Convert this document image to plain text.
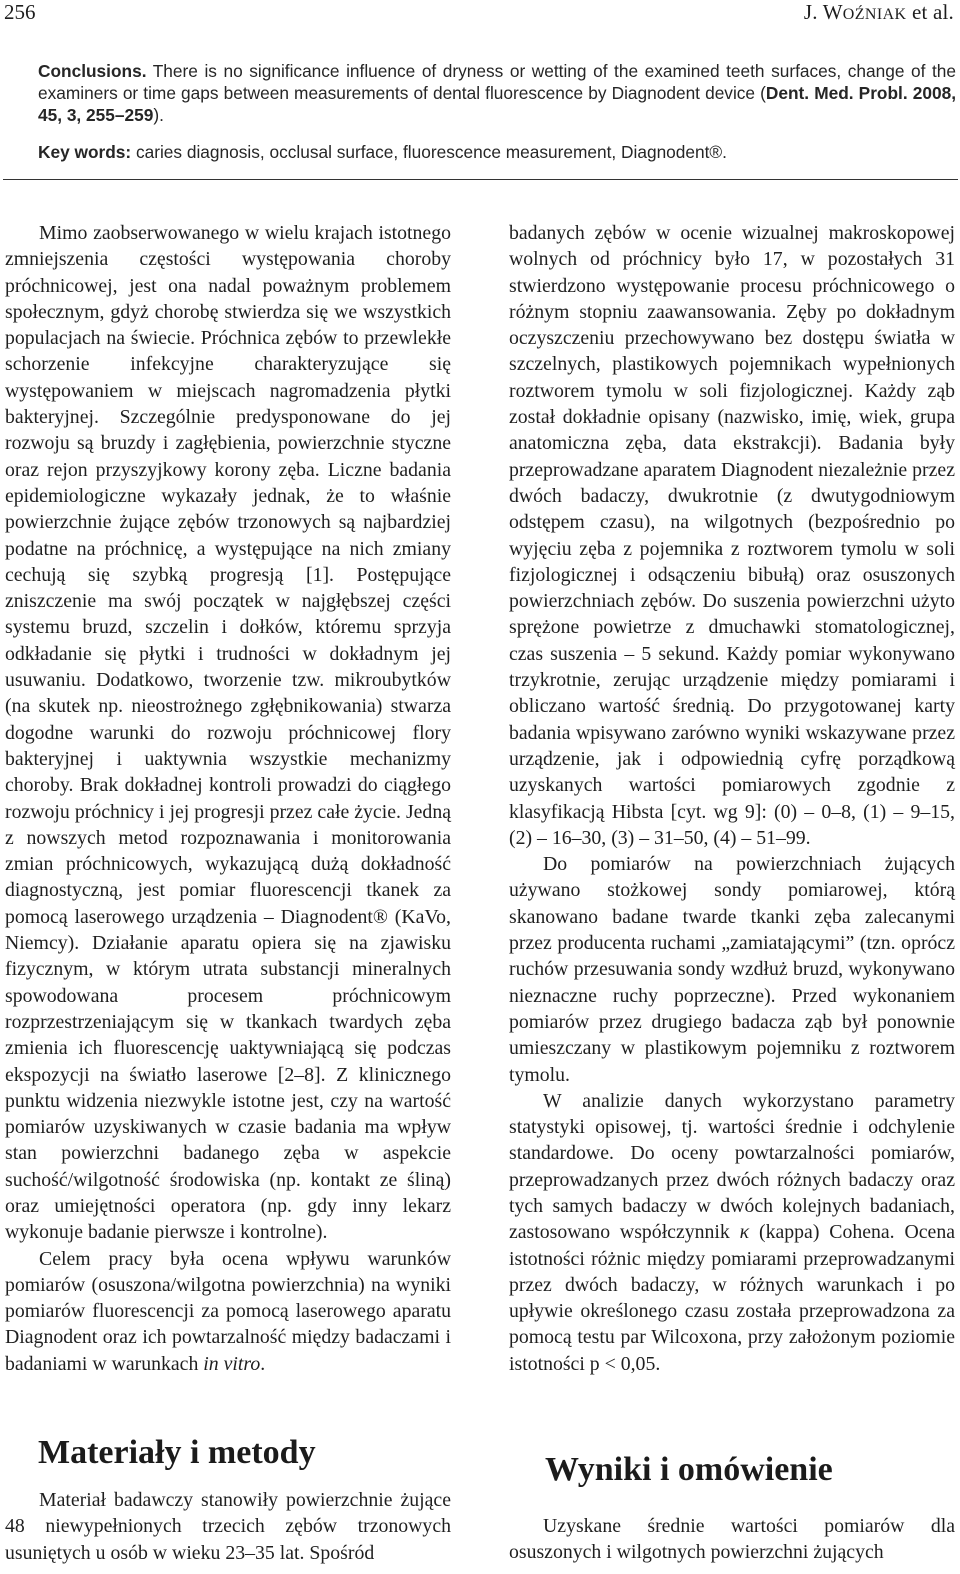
256	J. WOŹNIAK et al.
Conclusions. There is no significance influence of dryness or wetting of the examined teeth surfaces, change of the examiners or time gaps between measurements of dental fluorescence by Diagnodent device (Dent. Med. Probl. 2008, 45, 3, 255–259).
Key words: caries diagnosis, occlusal surface, fluorescence measurement, Diagnodent®.

Mimo zaobserwowanego w wielu krajach istotnego zmniejszenia częstości występowania choroby próchnicowej, jest ona nadal poważnym problemem społecznym, gdyż chorobę stwierdza się we wszystkich populacjach na świecie. Próchnica zębów to przewlekłe schorzenie infekcyjne charakteryzujące się występowaniem w miejscach nagromadzenia płytki bakteryjnej. Szczególnie predysponowane do jej rozwoju są bruzdy i zagłębienia, powierzchnie styczne oraz rejon przyszyjkowy korony zęba. Liczne badania epidemiologiczne wykazały jednak, że to właśnie powierzchnie żujące zębów trzonowych są najbardziej podatne na próchnicę, a występujące na nich zmiany cechują się szybką progresją [1]. Postępujące zniszczenie ma swój początek w najgłębszej części systemu bruzd, szczelin i dołków, któremu sprzyja odkładanie się płytki i trudności w dokładnym jej usuwaniu. Dodatkowo, tworzenie tzw. mikroubytków (na skutek np. nieostrożnego zgłębnikowania) stwarza dogodne warunki do rozwoju próchnicowej flory bakteryjnej i uaktywnia wszystkie mechanizmy choroby. Brak dokładnej kontroli prowadzi do ciągłego rozwoju próchnicy i jej progresji przez całe życie. Jedną z nowszych metod rozpoznawania i monitorowania zmian próchnicowych, wykazującą dużą dokładność diagnostyczną, jest pomiar fluorescencji tkanek za pomocą laserowego urządzenia – Diagnodent® (KaVo, Niemcy). Działanie aparatu opiera się na zjawisku fizycznym, w którym utrata substancji mineralnych spowodowana procesem próchnicowym rozprzestrzeniającym się w tkankach twardych zęba zmienia ich fluorescencję uaktywniającą się podczas ekspozycji na światło laserowe [2–8]. Z klinicznego punktu widzenia niezwykle istotne jest, czy na wartość pomiarów uzyskiwanych w czasie badania ma wpływ stan powierzchni badanego zęba w aspekcie suchość/wilgotność środowiska (np. kontakt ze śliną) oraz umiejętności operatora (np. gdy inny lekarz wykonuje badanie pierwsze i kontrolne).

Celem pracy była ocena wpływu warunków pomiarów (osuszona/wilgotna powierzchnia) na wyniki pomiarów fluorescencji za pomocą laserowego aparatu Diagnodent oraz ich powtarzalność między badaczami i badaniami w warunkach in vitro.

Materiały i metody

Materiał badawczy stanowiły powierzchnie żujące 48 niewypełnionych trzecich zębów trzonowych usuniętych u osób w wieku 23–35 lat. Spośród

badanych zębów w ocenie wizualnej makroskopowej wolnych od próchnicy było 17, w pozostałych 31 stwierdzono występowanie procesu próchnicowego o różnym stopniu zaawansowania. Zęby po dokładnym oczyszczeniu przechowywano bez dostępu światła w szczelnych, plastikowych pojemnikach wypełnionych roztworem tymolu w soli fizjologicznej. Każdy ząb został dokładnie opisany (nazwisko, imię, wiek, grupa anatomiczna zęba, data ekstrakcji). Badania były przeprowadzane aparatem Diagnodent niezależnie przez dwóch badaczy, dwukrotnie (z dwutygodniowym odstępem czasu), na wilgotnych (bezpośrednio po wyjęciu zęba z pojemnika z roztworem tymolu w soli fizjologicznej i odsączeniu bibułą) oraz osuszonych powierzchniach zębów. Do suszenia powierzchni użyto sprężone powietrze z dmuchawki stomatologicznej, czas suszenia – 5 sekund. Każdy pomiar wykonywano trzykrotnie, zerując urządzenie między pomiarami i obliczano wartość średnią. Do przygotowanej karty badania wpisywano zarówno wyniki wskazywane przez urządzenie, jak i odpowiednią cyfrę porządkową uzyskanych wartości pomiarowych zgodnie z klasyfikacją Hibsta [cyt. wg 9]: (0) – 0–8, (1) – 9–15, (2) – 16–30, (3) – 31–50, (4) – 51–99.

Do pomiarów na powierzchniach żujących używano stożkowej sondy pomiarowej, którą skanowano badane twarde tkanki zęba zalecanymi przez producenta ruchami „zamiatającymi” (tzn. oprócz ruchów przesuwania sondy wzdłuż bruzd, wykonywano nieznaczne ruchy poprzeczne). Przed wykonaniem pomiarów przez drugiego badacza ząb był ponownie umieszczany w plastikowym pojemniku z roztworem tymolu.

W analizie danych wykorzystano parametry statystyki opisowej, tj. wartości średnie i odchylenie standardowe. Do oceny powtarzalności pomiarów, przeprowadzanych przez dwóch różnych badaczy oraz tych samych badaczy w dwóch kolejnych badaniach, zastosowano współczynnik κ (kappa) Cohena. Ocena istotności różnic między pomiarami przeprowadzanymi przez dwóch badaczy, w różnych warunkach i po upływie określonego czasu została przeprowadzona za pomocą testu par Wilcoxona, przy założonym poziomie istotności p < 0,05.

Wyniki i omówienie

Uzyskane średnie wartości pomiarów dla osuszonych i wilgotnych powierzchni żujących
